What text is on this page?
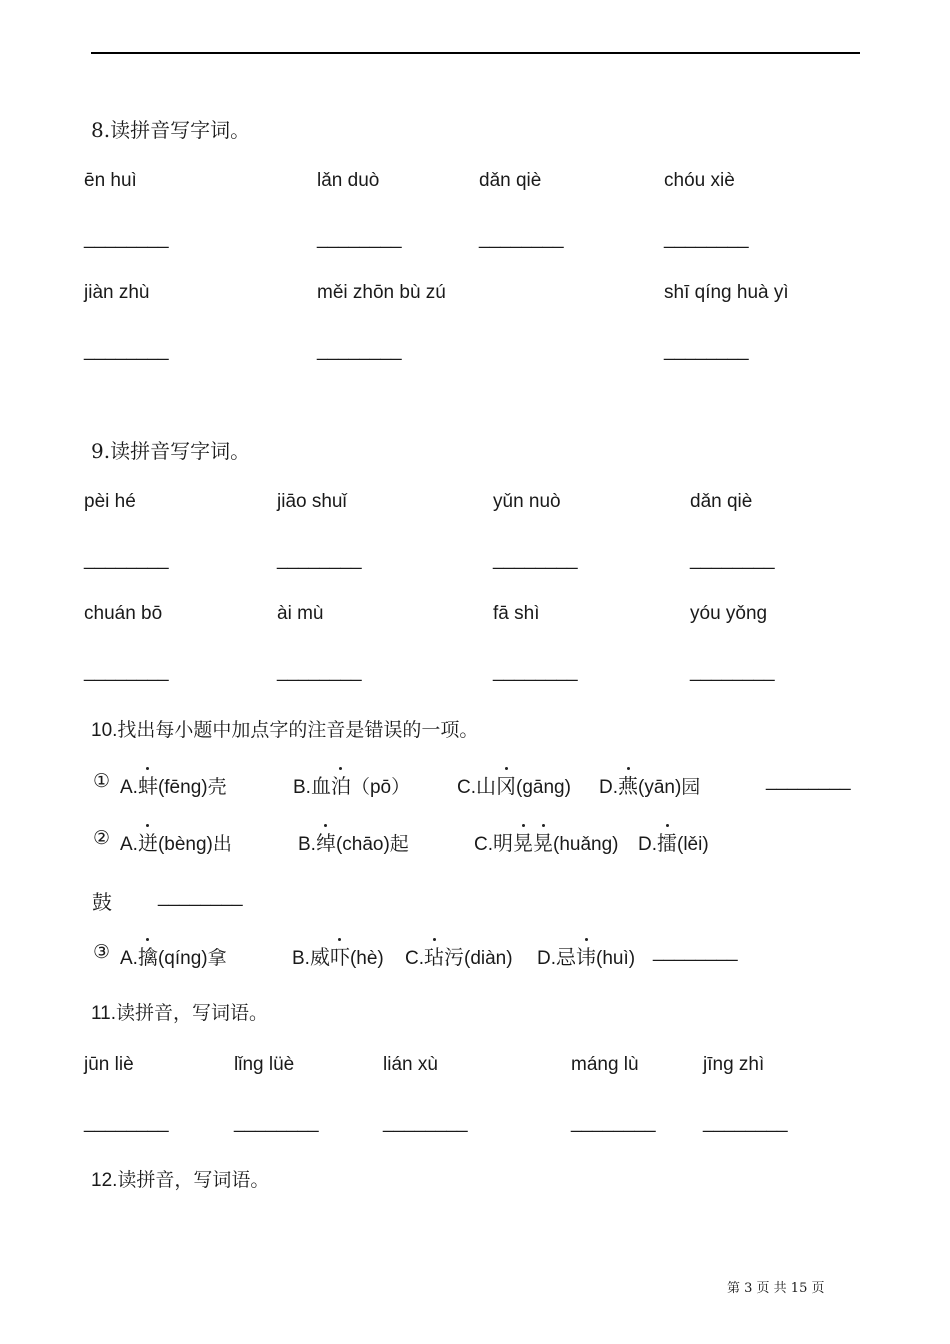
8.读拼音写字词。
ēn huì	lǎn duò	dǎn qiè	chóu xiè
________	________	________	________
jiàn zhù	měi zhōn bù zú	shī qíng huà yì
________	________	________
9.读拼音写字词。
pèi hé	jiāo shuǐ	yǔn nuò	dǎn qiè
________	________	________	________
chuán bō	ài mù	fā shì	yóu yǒng
________	________	________	________
10.找出每小题中加点字的注音是错误的一项。
① A.蚌(fēng)壳	B.血泊（pō） C.山冈(gāng) D.燕(yān)园	________
② A.迸(bèng)出	B.绰(chāo)起	C.明晃晃(huǎng) D.擂(lěi)
鼓 ________
③ A.擒(qíng)拿	B.威吓(hè) C.玷污(diàn) D.忌讳(huì) ________
11.读拼音，写词语。
jūn liè	lǐng lüè	lián xù	máng lù	jīng zhì
________	________	________	________ ________
12.读拼音，写词语。
第 3 页 共 15 页
